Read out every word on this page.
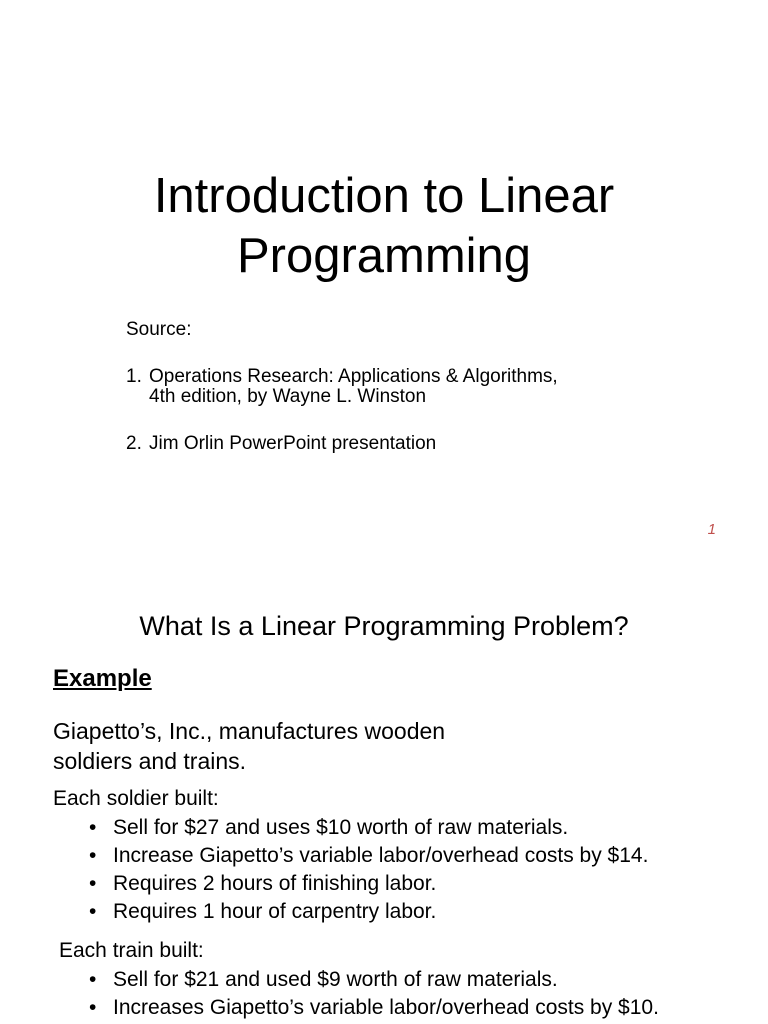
Introduction to Linear
Programming
Source:
1. Operations Research: Applications & Algorithms,
4th edition, by Wayne L. Winston
2. Jim Orlin PowerPoint presentation
1
What Is a Linear Programming Problem?
Example
Giapetto’s, Inc., manufactures wooden
soldiers and trains.
Each soldier built:
• Sell for $27 and uses $10 worth of raw materials.
• Increase Giapetto’s variable labor/overhead costs by $14.
• Requires 2 hours of finishing labor.
• Requires 1 hour of carpentry labor.
Each train built:
• Sell for $21 and used $9 worth of raw materials.
• Increases Giapetto’s variable labor/overhead costs by $10.
